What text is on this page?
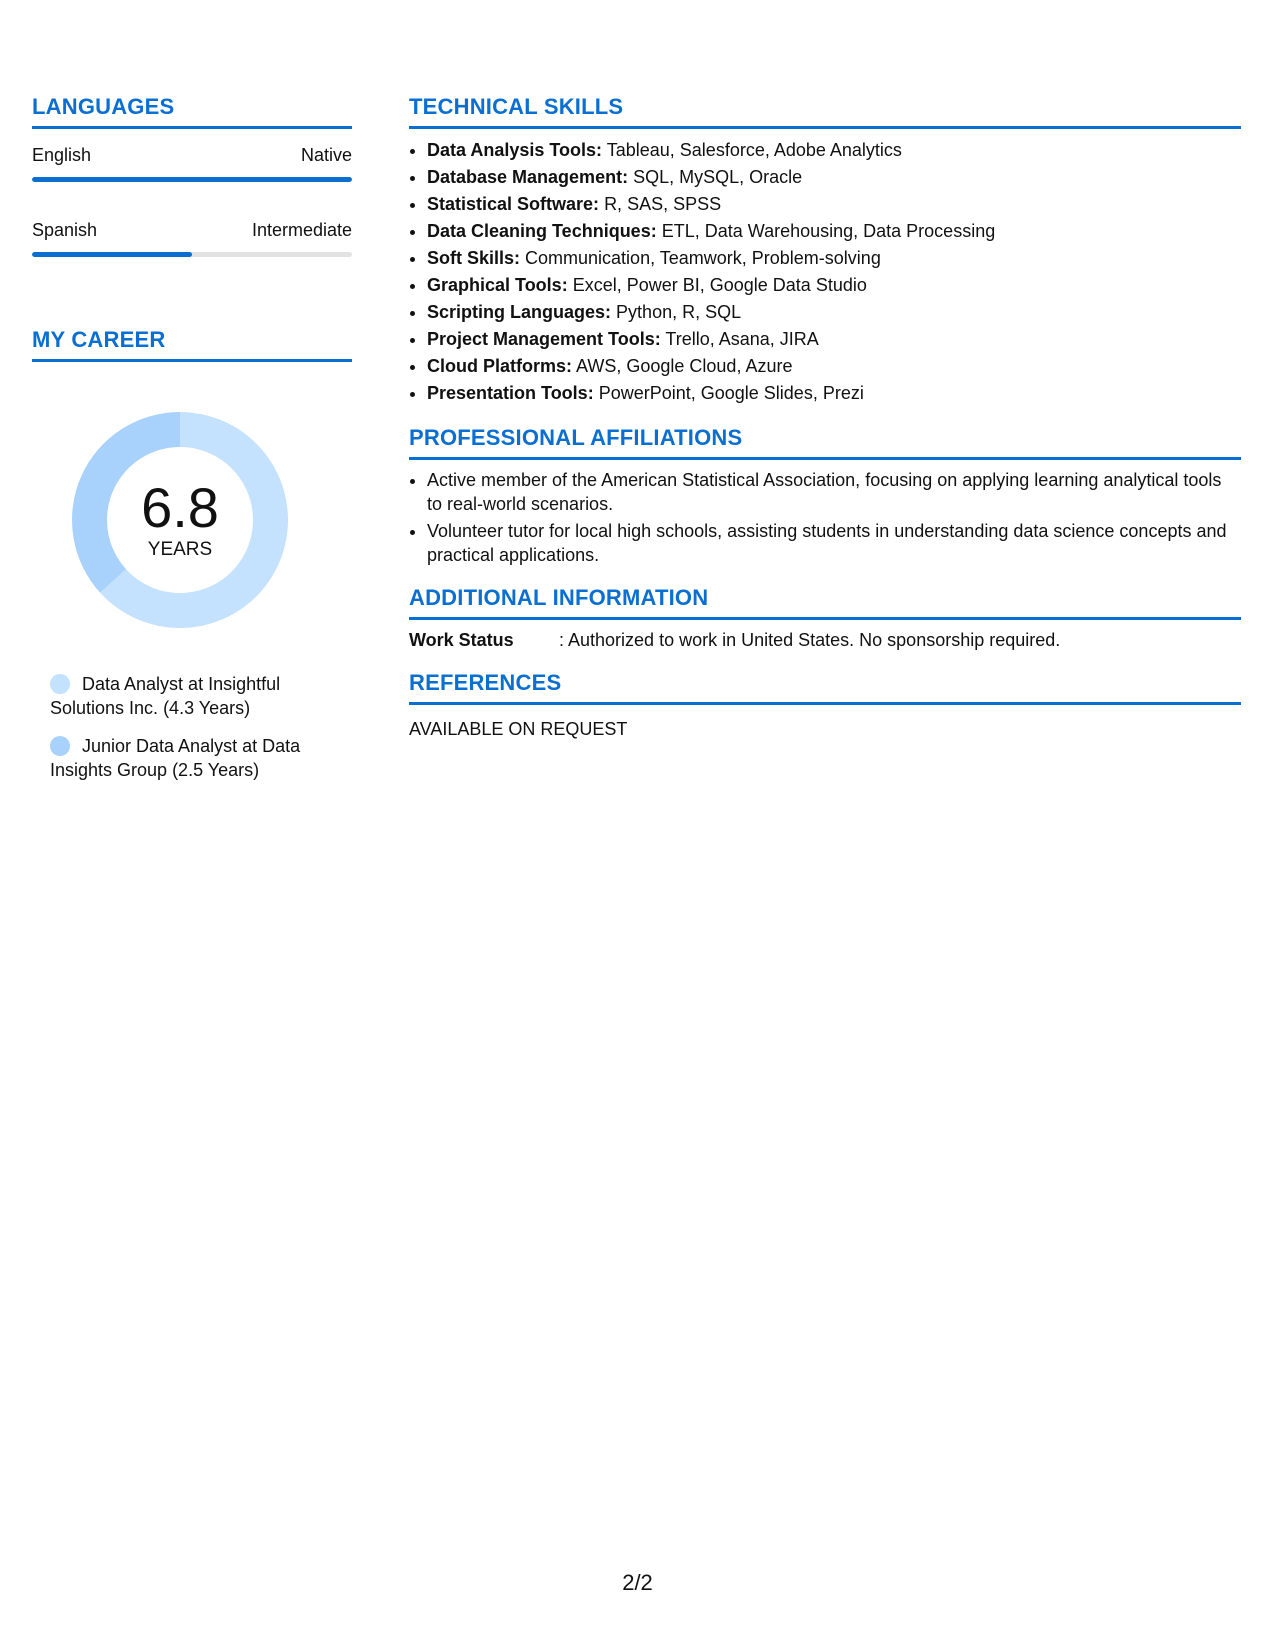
LANGUAGES
English	Native
Spanish	Intermediate
MY CAREER
6.8
YEARS
Data Analyst at Insightful Solutions Inc. (4.3 Years)
Junior Data Analyst at Data Insights Group (2.5 Years)
TECHNICAL SKILLS
• Data Analysis Tools: Tableau, Salesforce, Adobe Analytics
• Database Management: SQL, MySQL, Oracle
• Statistical Software: R, SAS, SPSS
• Data Cleaning Techniques: ETL, Data Warehousing, Data Processing
• Soft Skills: Communication, Teamwork, Problem-solving
• Graphical Tools: Excel, Power BI, Google Data Studio
• Scripting Languages: Python, R, SQL
• Project Management Tools: Trello, Asana, JIRA
• Cloud Platforms: AWS, Google Cloud, Azure
• Presentation Tools: PowerPoint, Google Slides, Prezi
PROFESSIONAL AFFILIATIONS
• Active member of the American Statistical Association, focusing on applying learning analytical tools to real-world scenarios.
• Volunteer tutor for local high schools, assisting students in understanding data science concepts and practical applications.
ADDITIONAL INFORMATION
Work Status	: Authorized to work in United States. No sponsorship required.
REFERENCES
AVAILABLE ON REQUEST
2/2
